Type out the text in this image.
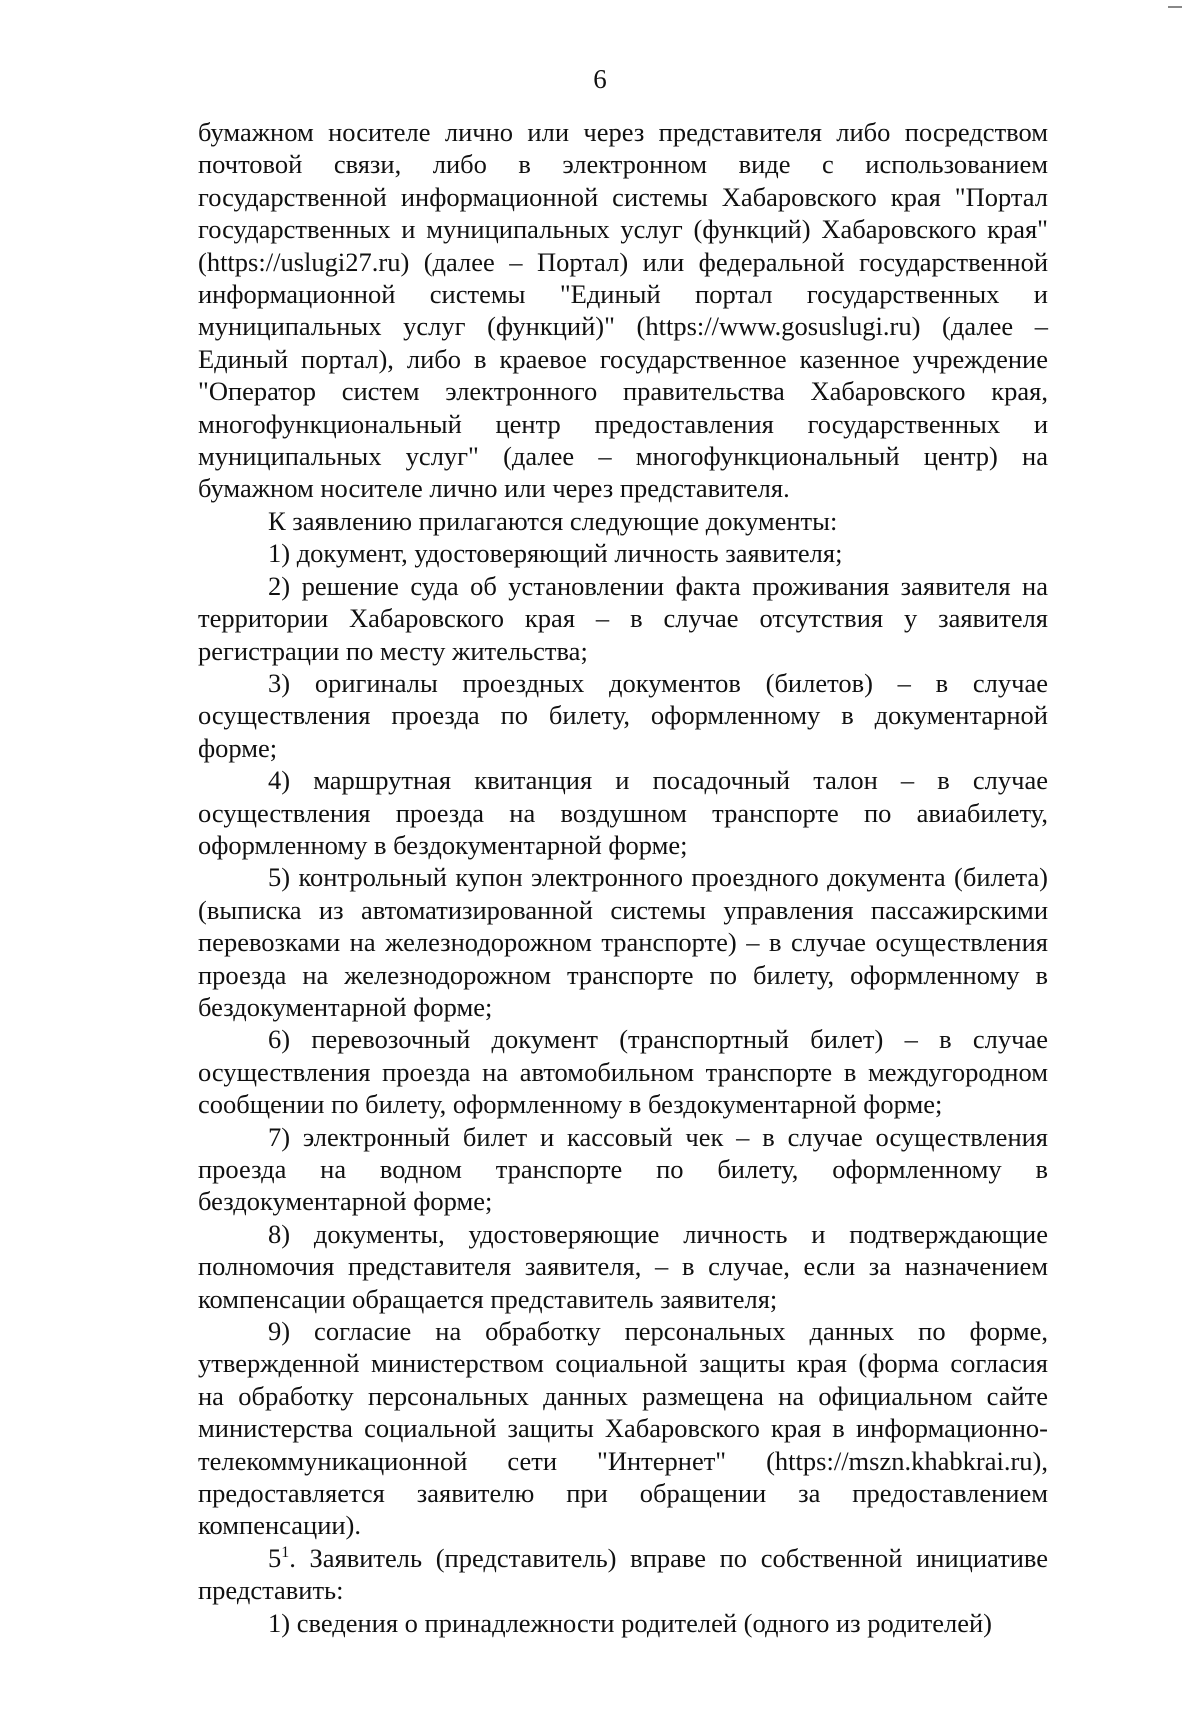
6

бумажном носителе лично или через представителя либо посредством почтовой связи, либо в электронном виде с использованием государственной информационной системы Хабаровского края "Портал государственных и муниципальных услуг (функций) Хабаровского края" (https://uslugi27.ru) (далее – Портал) или федеральной государственной информационной системы "Единый портал государственных и муниципальных услуг (функций)" (https://www.gosuslugi.ru) (далее – Единый портал), либо в краевое государственное казенное учреждение "Оператор систем электронного правительства Хабаровского края, многофункциональный центр предоставления государственных и муниципальных услуг" (далее – многофункциональный центр) на бумажном носителе лично или через представителя.

К заявлению прилагаются следующие документы:

1) документ, удостоверяющий личность заявителя;

2) решение суда об установлении факта проживания заявителя на территории Хабаровского края – в случае отсутствия у заявителя регистрации по месту жительства;

3) оригиналы проездных документов (билетов) – в случае осуществления проезда по билету, оформленному в документарной форме;

4) маршрутная квитанция и посадочный талон – в случае осуществления проезда на воздушном транспорте по авиабилету, оформленному в бездокументарной форме;

5) контрольный купон электронного проездного документа (билета) (выписка из автоматизированной системы управления пассажирскими перевозками на железнодорожном транспорте) – в случае осуществления проезда на железнодорожном транспорте по билету, оформленному в бездокументарной форме;

6) перевозочный документ (транспортный билет) – в случае осуществления проезда на автомобильном транспорте в междугородном сообщении по билету, оформленному в бездокументарной форме;

7) электронный билет и кассовый чек – в случае осуществления проезда на водном транспорте по билету, оформленному в бездокументарной форме;

8) документы, удостоверяющие личность и подтверждающие полномочия представителя заявителя, – в случае, если за назначением компенсации обращается представитель заявителя;

9) согласие на обработку персональных данных по форме, утвержденной министерством социальной защиты края (форма согласия на обработку персональных данных размещена на официальном сайте министерства социальной защиты Хабаровского края в информационно-телекоммуникационной сети "Интернет" (https://mszn.khabkrai.ru), предоставляется заявителю при обращении за предоставлением компенсации).

$5^1$. Заявитель (представитель) вправе по собственной инициативе представить:

1) сведения о принадлежности родителей (одного из родителей)
